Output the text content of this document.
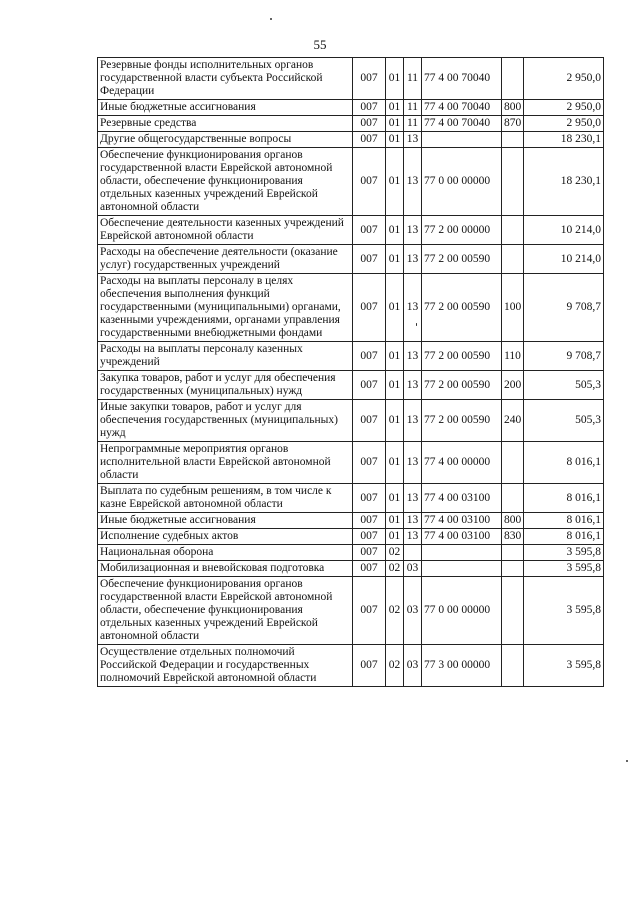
55
Резервные фонды исполнительных органов государственной власти субъекта Российской Федерации	007	01	11	77 4 00 70040		2 950,0
Иные бюджетные ассигнования	007	01	11	77 4 00 70040	800	2 950,0
Резервные средства	007	01	11	77 4 00 70040	870	2 950,0
Другие общегосударственные вопросы	007	01	13			18 230,1
Обеспечение функционирования органов государственной власти Еврейской автономной области, обеспечение функционирования отдельных казенных учреждений Еврейской автономной области	007	01	13	77 0 00 00000		18 230,1
Обеспечение деятельности казенных учреждений Еврейской автономной области	007	01	13	77 2 00 00000		10 214,0
Расходы на обеспечение деятельности (оказание услуг) государственных учреждений	007	01	13	77 2 00 00590		10 214,0
Расходы на выплаты персоналу в целях обеспечения выполнения функций государственными (муниципальными) органами, казенными учреждениями, органами управления государственными внебюджетными фондами	007	01	13	77 2 00 00590	100	9 708,7
Расходы на выплаты персоналу казенных учреждений	007	01	13	77 2 00 00590	110	9 708,7
Закупка товаров, работ и услуг для обеспечения государственных (муниципальных) нужд	007	01	13	77 2 00 00590	200	505,3
Иные закупки товаров, работ и услуг для обеспечения государственных (муниципальных) нужд	007	01	13	77 2 00 00590	240	505,3
Непрограммные мероприятия органов исполнительной власти Еврейской автономной области	007	01	13	77 4 00 00000		8 016,1
Выплата по судебным решениям, в том числе к казне Еврейской автономной области	007	01	13	77 4 00 03100		8 016,1
Иные бюджетные ассигнования	007	01	13	77 4 00 03100	800	8 016,1
Исполнение судебных актов	007	01	13	77 4 00 03100	830	8 016,1
Национальная оборона	007	02				3 595,8
Мобилизационная и вневойсковая подготовка	007	02	03			3 595,8
Обеспечение функционирования органов государственной власти Еврейской автономной области, обеспечение функционирования отдельных казенных учреждений Еврейской автономной области	007	02	03	77 0 00 00000		3 595,8
Осуществление отдельных полномочий Российской Федерации и государственных полномочий Еврейской автономной области	007	02	03	77 3 00 00000		3 595,8
